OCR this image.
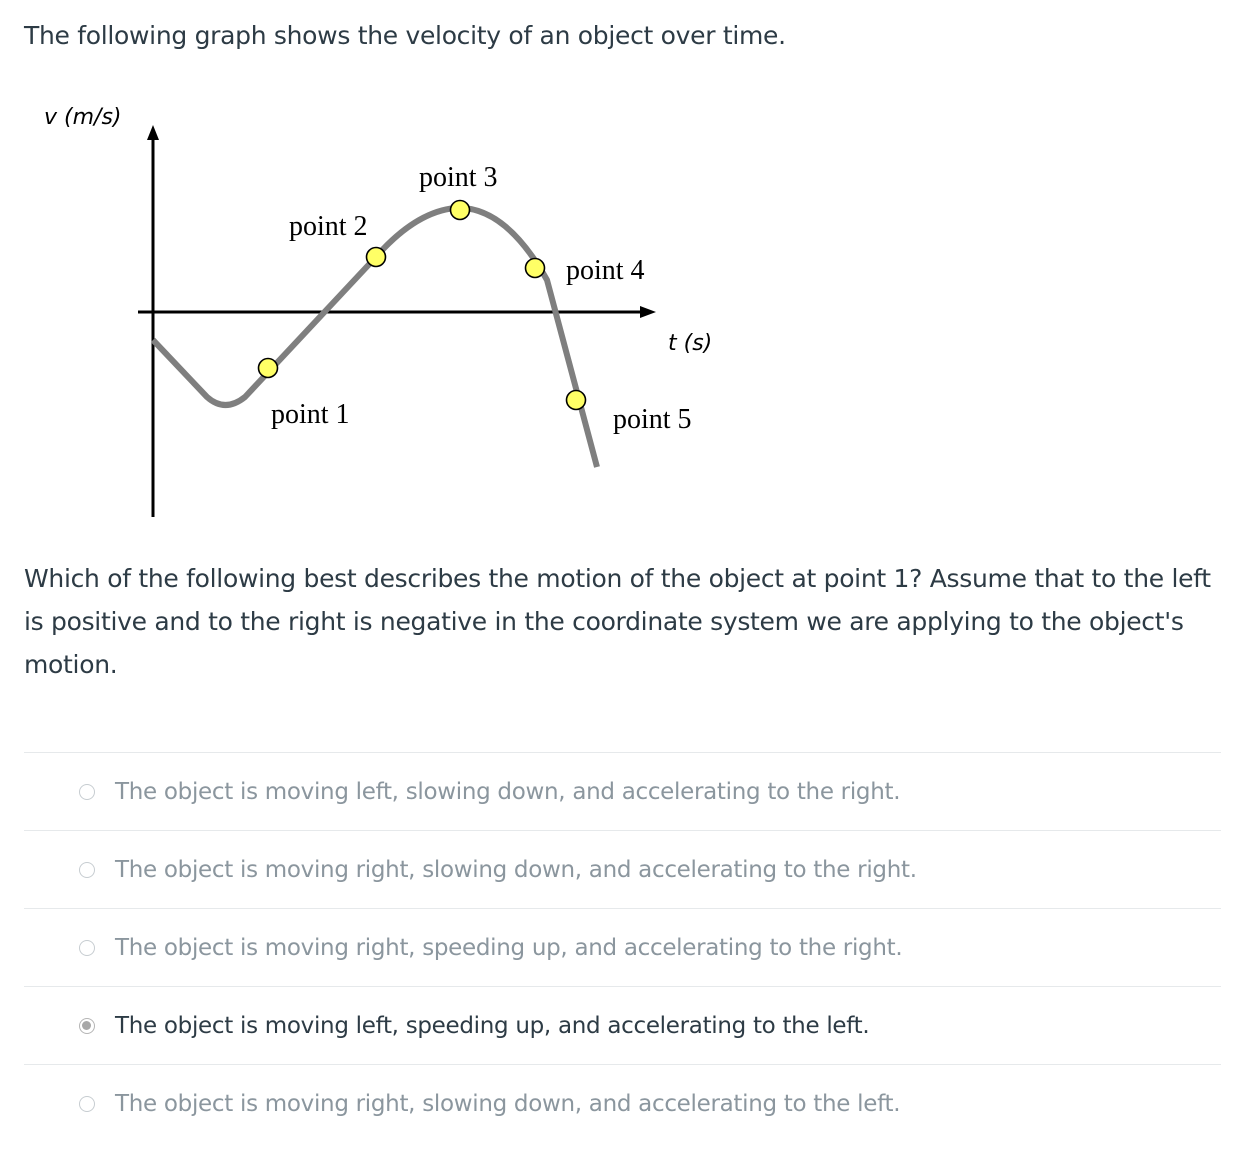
The following graph shows the velocity of an object over time.
v (m/s)
t (s)
point 1
point 2
point 3
point 4
point 5
Which of the following best describes the motion of the object at point 1? Assume that to the left is positive and to the right is negative in the coordinate system we are applying to the object's motion.
The object is moving left, slowing down, and accelerating to the right.
The object is moving right, slowing down, and accelerating to the right.
The object is moving right, speeding up, and accelerating to the right.
The object is moving left, speeding up, and accelerating to the left.
The object is moving right, slowing down, and accelerating to the left.
